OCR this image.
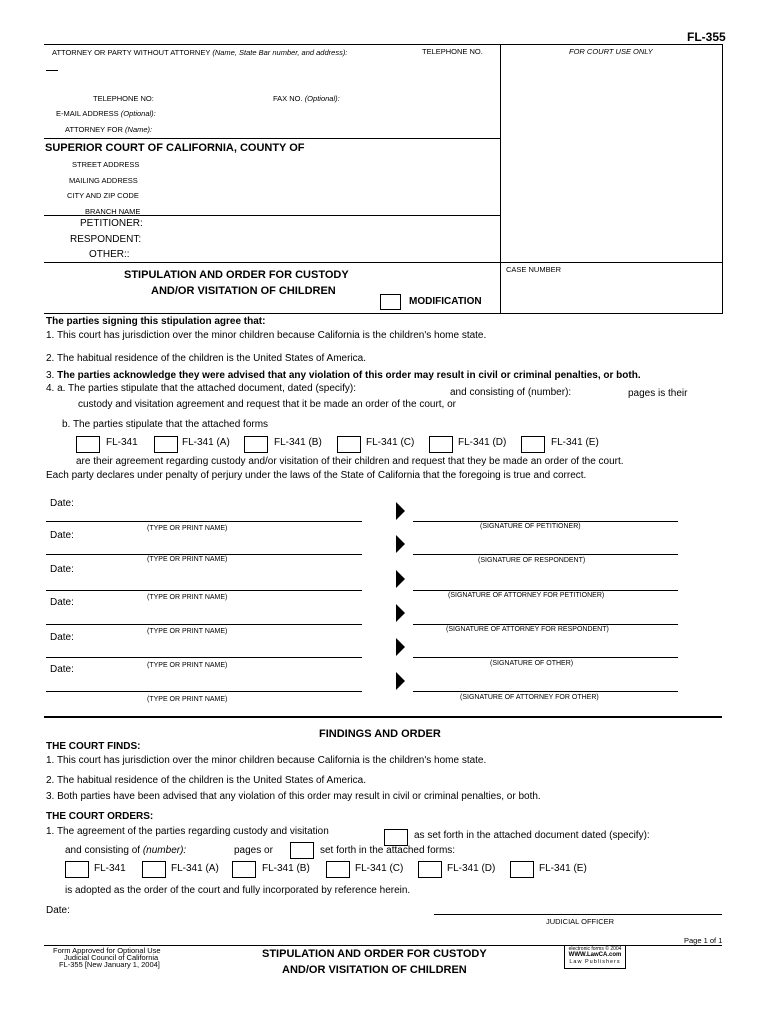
FL-355
ATTORNEY OR PARTY WITHOUT ATTORNEY (Name, State Bar number, and address):	TELEPHONE NO.	FOR COURT USE ONLY
TELEPHONE NO:	FAX NO. (Optional):
E-MAIL ADDRESS (Optional):
ATTORNEY FOR (Name):
SUPERIOR COURT OF CALIFORNIA, COUNTY OF
STREET ADDRESS
MAILING ADDRESS
CITY AND ZIP CODE
BRANCH NAME
PETITIONER:
RESPONDENT:
OTHER::
CASE NUMBER
STIPULATION AND ORDER FOR CUSTODY
AND/OR VISITATION OF CHILDREN
MODIFICATION
The parties signing this stipulation agree that:
1. This court has jurisdiction over the minor children because California is the children's home state.
2. The habitual residence of the children is the United States of America.
3. The parties acknowledge they were advised that any violation of this order may result in civil or criminal penalties, or both.
4. a. The parties stipulate that the attached document, dated (specify):	and consisting of (number):	pages is their
custody and visitation agreement and request that it be made an order of the court, or
b. The parties stipulate that the attached forms
FL-341	FL-341 (A)	FL-341 (B)	FL-341 (C)	FL-341 (D)	FL-341 (E)
are their agreement regarding custody and/or visitation of their children and request that they be made an order of the court.
Each party declares under penalty of perjury under the laws of the State of California that the foregoing is true and correct.
Date:
(TYPE OR PRINT NAME)	(SIGNATURE OF PETITIONER)
Date:
(TYPE OR PRINT NAME)	(SIGNATURE OF RESPONDENT)
Date:
(TYPE OR PRINT NAME)	(SIGNATURE OF ATTORNEY FOR PETITIONER)
Date:
(TYPE OR PRINT NAME)	(SIGNATURE OF ATTORNEY FOR RESPONDENT)
Date:
(TYPE OR PRINT NAME)	(SIGNATURE OF OTHER)
Date:
(TYPE OR PRINT NAME)	(SIGNATURE OF ATTORNEY FOR OTHER)
FINDINGS AND ORDER
THE COURT FINDS:
1. This court has jurisdiction over the minor children because California is the children's home state.
2. The habitual residence of the children is the United States of America.
3. Both parties have been advised that any violation of this order may result in civil or criminal penalties, or both.
THE COURT ORDERS:
1. The agreement of the parties regarding custody and visitation	as set forth in the attached document dated (specify):
and consisting of (number):	pages or	set forth in the attached forms:
FL-341	FL-341 (A)	FL-341 (B)	FL-341 (C)	FL-341 (D)	FL-341 (E)
is adopted as the order of the court and fully incorporated by reference herein.
Date:
JUDICIAL OFFICER
Page 1 of 1
Form Approved for Optional Use
Judicial Council of California
FL-355 [New January 1, 2004]
STIPULATION AND ORDER FOR CUSTODY
AND/OR VISITATION OF CHILDREN
electronic forms © 2004
WWW.LawCA.com
Law Publishers
